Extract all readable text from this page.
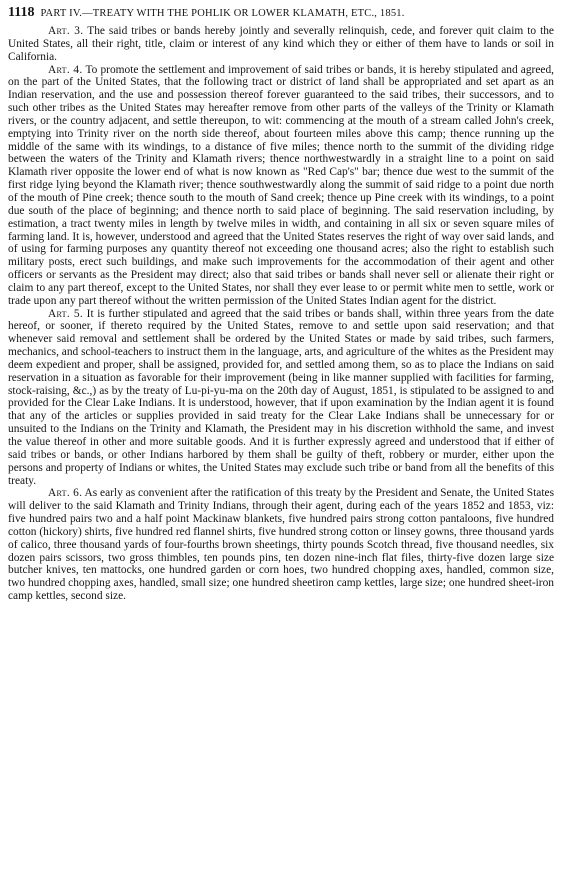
1118 PART IV.—TREATY WITH THE POHLIK OR LOWER KLAMATH, ETC., 1851.

Art. 3. The said tribes or bands hereby jointly and severally relinquish, cede, and forever quit claim to the United States, all their right, title, claim or interest of any kind which they or either of them have to lands or soil in California.

Art. 4. To promote the settlement and improvement of said tribes or bands, it is hereby stipulated and agreed, on the part of the United States, that the following tract or district of land shall be appropriated and set apart as an Indian reservation, and the use and possession thereof forever guaranteed to the said tribes, their successors, and to such other tribes as the United States may hereafter remove from other parts of the valleys of the Trinity or Klamath rivers, or the country adjacent, and settle thereupon, to wit: commencing at the mouth of a stream called John's creek, emptying into Trinity river on the north side thereof, about fourteen miles above this camp; thence running up the middle of the same with its windings, to a distance of five miles; thence north to the summit of the dividing ridge between the waters of the Trinity and Klamath rivers; thence northwestwardly in a straight line to a point on said Klamath river opposite the lower end of what is now known as "Red Cap's" bar; thence due west to the summit of the first ridge lying beyond the Klamath river; thence southwestwardly along the summit of said ridge to a point due north of the mouth of Pine creek; thence south to the mouth of Sand creek; thence up Pine creek with its windings, to a point due south of the place of beginning; and thence north to said place of beginning. The said reservation including, by estimation, a tract twenty miles in length by twelve miles in width, and containing in all six or seven square miles of farming land. It is, however, understood and agreed that the United States reserves the right of way over said lands, and of using for farming purposes any quantity thereof not exceeding one thousand acres; also the right to establish such military posts, erect such buildings, and make such improvements for the accommodation of their agent and other officers or servants as the President may direct; also that said tribes or bands shall never sell or alienate their right or claim to any part thereof, except to the United States, nor shall they ever lease to or permit white men to settle, work or trade upon any part thereof without the written permission of the United States Indian agent for the district.

Art. 5. It is further stipulated and agreed that the said tribes or bands shall, within three years from the date hereof, or sooner, if thereto required by the United States, remove to and settle upon said reservation; and that whenever said removal and settlement shall be ordered by the United States or made by said tribes, such farmers, mechanics, and school-teachers to instruct them in the language, arts, and agriculture of the whites as the President may deem expedient and proper, shall be assigned, provided for, and settled among them, so as to place the Indians on said reservation in a situation as favorable for their improvement (being in like manner supplied with facilities for farming, stock-raising, &c.,) as by the treaty of Lu-pi-yu-ma on the 20th day of August, 1851, is stipulated to be assigned to and provided for the Clear Lake Indians. It is understood, however, that if upon examination by the Indian agent it is found that any of the articles or supplies provided in said treaty for the Clear Lake Indians shall be unnecessary for or unsuited to the Indians on the Trinity and Klamath, the President may in his discretion withhold the same, and invest the value thereof in other and more suitable goods. And it is further expressly agreed and understood that if either of said tribes or bands, or other Indians harbored by them shall be guilty of theft, robbery or murder, either upon the persons and property of Indians or whites, the United States may exclude such tribe or band from all the benefits of this treaty.

Art. 6. As early as convenient after the ratification of this treaty by the President and Senate, the United States will deliver to the said Klamath and Trinity Indians, through their agent, during each of the years 1852 and 1853, viz: five hundred pairs two and a half point Mackinaw blankets, five hundred pairs strong cotton pantaloons, five hundred cotton (hickory) shirts, five hundred red flannel shirts, five hundred strong cotton or linsey gowns, three thousand yards of calico, three thousand yards of four-fourths brown sheetings, thirty pounds Scotch thread, five thousand needles, six dozen pairs scissors, two gross thimbles, ten pounds pins, ten dozen nine-inch flat files, thirty-five dozen large size butcher knives, ten mattocks, one hundred garden or corn hoes, two hundred chopping axes, handled, common size, two hundred chopping axes, handled, small size; one hundred sheetiron camp kettles, large size; one hundred sheet-iron camp kettles, second size.
